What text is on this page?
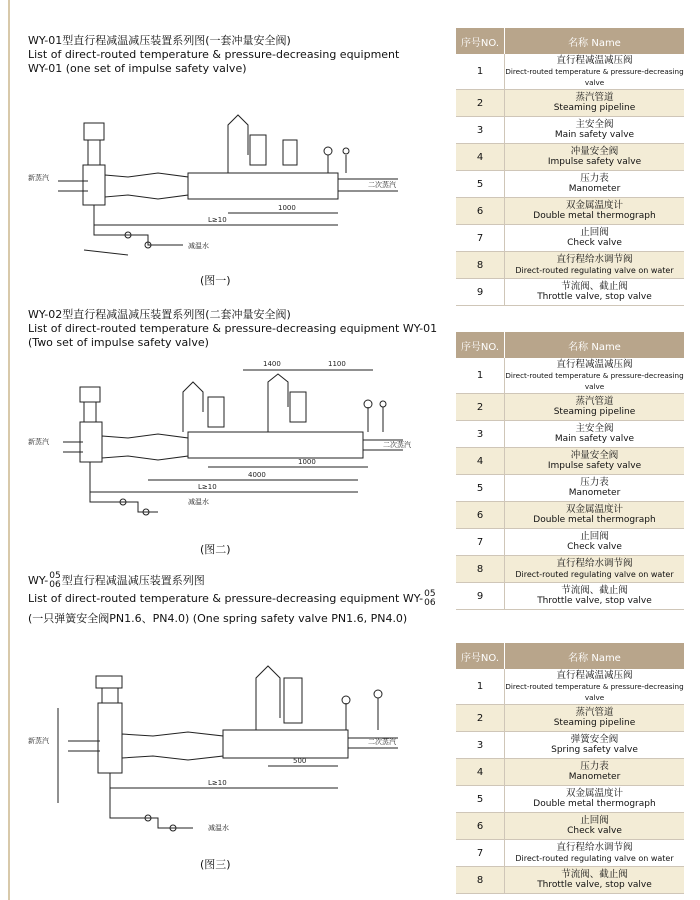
WY-01型直行程减温减压装置系列图(一套冲量安全阀)
List of direct-routed temperature & pressure-decreasing equipment
WY-01 (one set of impulse safety valve)
新蒸汽
二次蒸汽
减温水
1000
L≥10
(图一)
WY-02型直行程减温减压装置系列图(二套冲量安全阀)
List of direct-routed temperature & pressure-decreasing equipment WY-01
(Two set of impulse safety valve)
新蒸汽	二次蒸汽
减温水
1400	1100
1000
4000
L≥10
(图二)
WY- 05
06 型直行程减温减压装置系列图
List of direct-routed temperature & pressure-decreasing equipment WY- 05
06
(一只弹簧安全阀PN1.6、PN4.0) (One spring safety valve PN1.6, PN4.0)
新蒸汽	二次蒸汽
减温水
500
L≥10
(图三)
序号NO.	名称 Name
1
直行程减温减压阀
Direct-routed temperature & pressure-decreasing valve
2	蒸汽管道
Steaming pipeline
3	主安全阀
Main safety valve
4	冲量安全阀
Impulse safety valve
5	压力表
Manometer
6	双金属温度计
Double metal thermograph
7	止回阀
Check valve
8	直行程给水调节阀
Direct-routed regulating valve on water
9	节流阀、截止阀
Throttle valve, stop valve
序号NO.	名称 Name
1
直行程减温减压阀
Direct-routed temperature & pressure-decreasing valve
2	蒸汽管道
Steaming pipeline
3	主安全阀
Main safety valve
4	冲量安全阀
Impulse safety valve
5	压力表
Manometer
6	双金属温度计
Double metal thermograph
7	止回阀
Check valve
8	直行程给水调节阀
Direct-routed regulating valve on water
9	节流阀、截止阀
Throttle valve, stop valve
序号NO.	名称 Name
1
直行程减温减压阀
Direct-routed temperature & pressure-decreasing valve
2	蒸汽管道
Steaming pipeline
3	弹簧安全阀
Spring safety valve
4	压力表
Manometer
5	双金属温度计
Double metal thermograph
6	止回阀
Check valve
7	直行程给水调节阀
Direct-routed regulating valve on water
8	节流阀、截止阀
Throttle valve, stop valve
